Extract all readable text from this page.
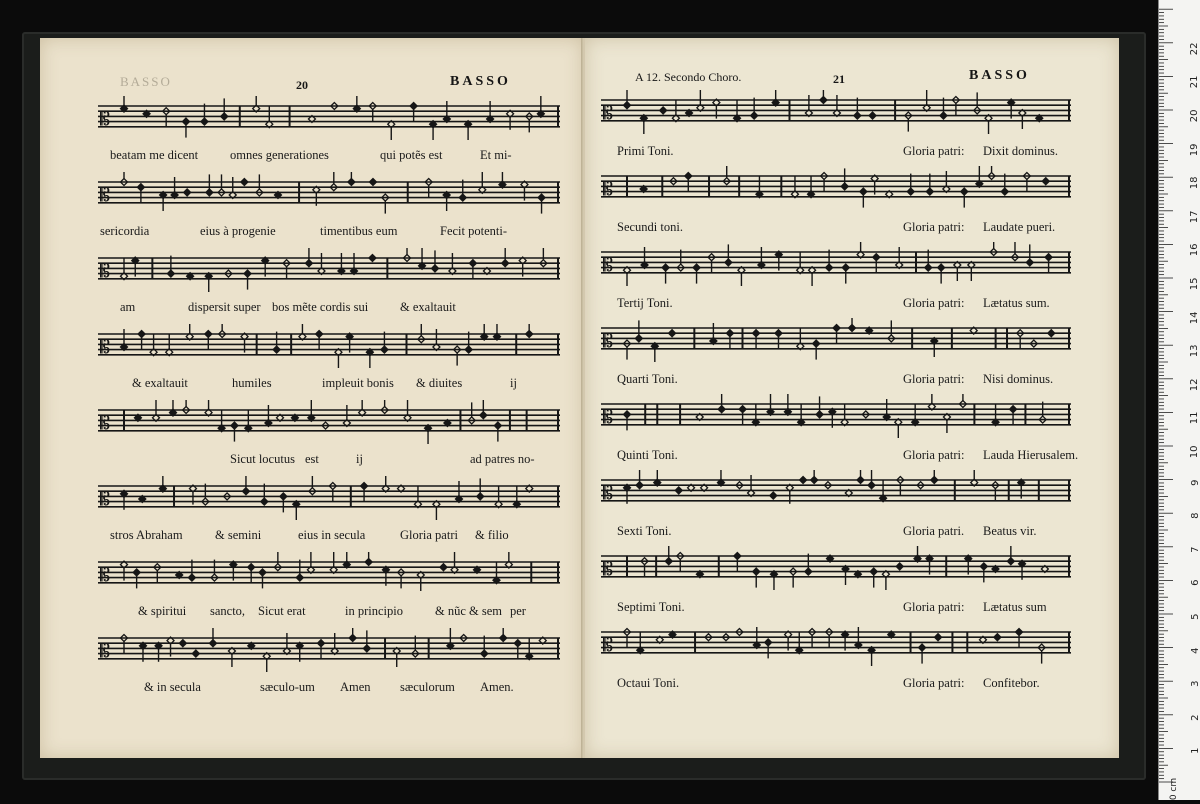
BASSO	20	BASSO
𝄡
beatam me dicent	omnes generationes	qui potẽs est	Et mi-
𝄡
sericordia	eius à progenie	timentibus eum	Fecit potenti-
𝄡
am	dispersit super bos mẽte cordis sui	& exaltauit
𝄡
& exaltauit	humiles	impleuit bonis & diuites	ij
𝄡
Sicut locutus est	ij	ad patres no-
𝄡
stros Abraham	& semini	eius in secula	Gloria patri & filio
𝄡
& spiritui sancto, Sicut erat	in principio	& nũc & sem per
𝄡
& in secula	sæculo-um Amen sæculorum Amen.
A 12. Secondo Choro.	21	BASSO
𝄡
Primi Toni.	Gloria patri: Dixit dominus.
𝄡
Secundi toni.	Gloria patri: Laudate pueri.
𝄡
Tertij Toni.	Gloria patri: Lætatus sum.
𝄡
Quarti Toni.	Gloria patri: Nisi dominus.
𝄡
Quinti Toni.	Gloria patri: Lauda Hierusalem.
𝄡
Sexti Toni.	Gloria patri. Beatus vir.
𝄡
Septimi Toni.	Gloria patri: Lætatus sum
𝄡
Octaui Toni.	Gloria patri: Confitebor.
1
2
3
4
5
6
7
8
9
10
11
12
13
14
15
16
17
18
19
20
21
22
0 cm
